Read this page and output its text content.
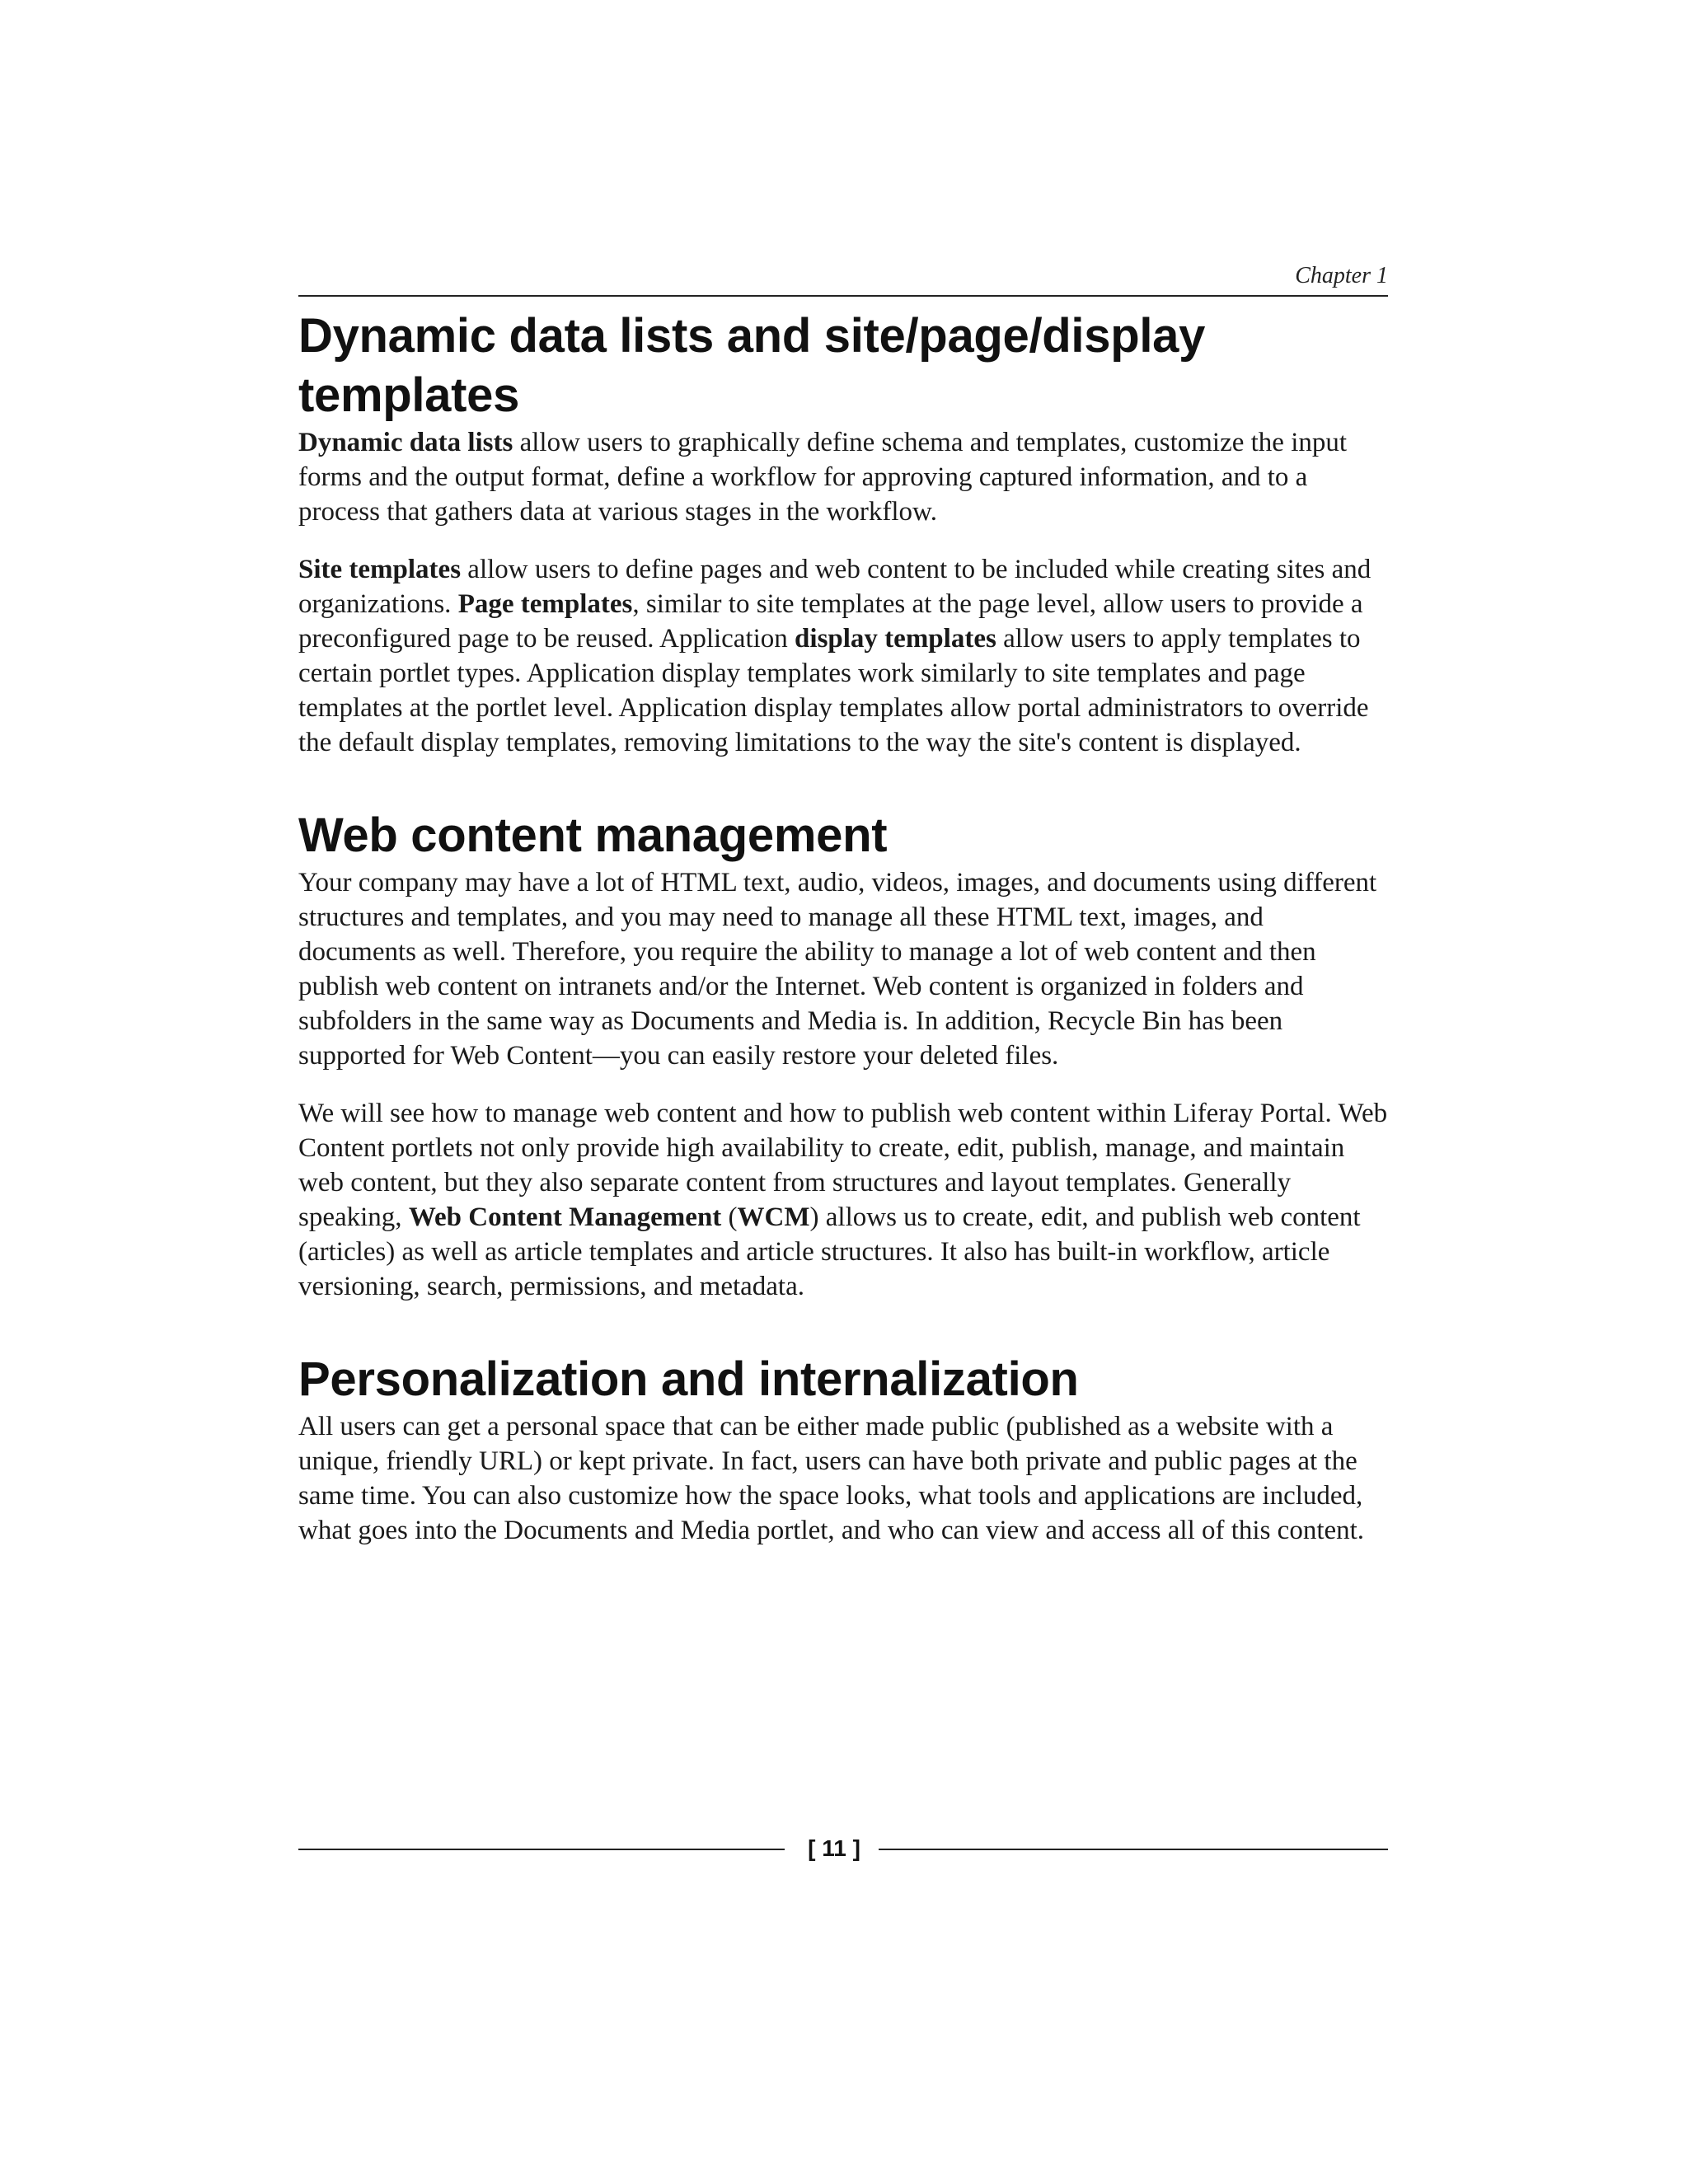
Chapter 1
Dynamic data lists and site/page/display templates

Dynamic data lists allow users to graphically define schema and templates, customize the input forms and the output format, define a workflow for approving captured information, and to a process that gathers data at various stages in the workflow.

Site templates allow users to define pages and web content to be included while creating sites and organizations. Page templates, similar to site templates at the page level, allow users to provide a preconfigured page to be reused. Application display templates allow users to apply templates to certain portlet types. Application display templates work similarly to site templates and page templates at the portlet level. Application display templates allow portal administrators to override the default display templates, removing limitations to the way the site's content is displayed.

Web content management

Your company may have a lot of HTML text, audio, videos, images, and documents using different structures and templates, and you may need to manage all these HTML text, images, and documents as well. Therefore, you require the ability to manage a lot of web content and then publish web content on intranets and/or the Internet. Web content is organized in folders and subfolders in the same way as Documents and Media is. In addition, Recycle Bin has been supported for Web Content—you can easily restore your deleted files.

We will see how to manage web content and how to publish web content within Liferay Portal. Web Content portlets not only provide high availability to create, edit, publish, manage, and maintain web content, but they also separate content from structures and layout templates. Generally speaking, Web Content Management (WCM) allows us to create, edit, and publish web content (articles) as well as article templates and article structures. It also has built-in workflow, article versioning, search, permissions, and metadata.

Personalization and internalization

All users can get a personal space that can be either made public (published as a website with a unique, friendly URL) or kept private. In fact, users can have both private and public pages at the same time. You can also customize how the space looks, what tools and applications are included, what goes into the Documents and Media portlet, and who can view and access all of this content.

[ 11 ]
